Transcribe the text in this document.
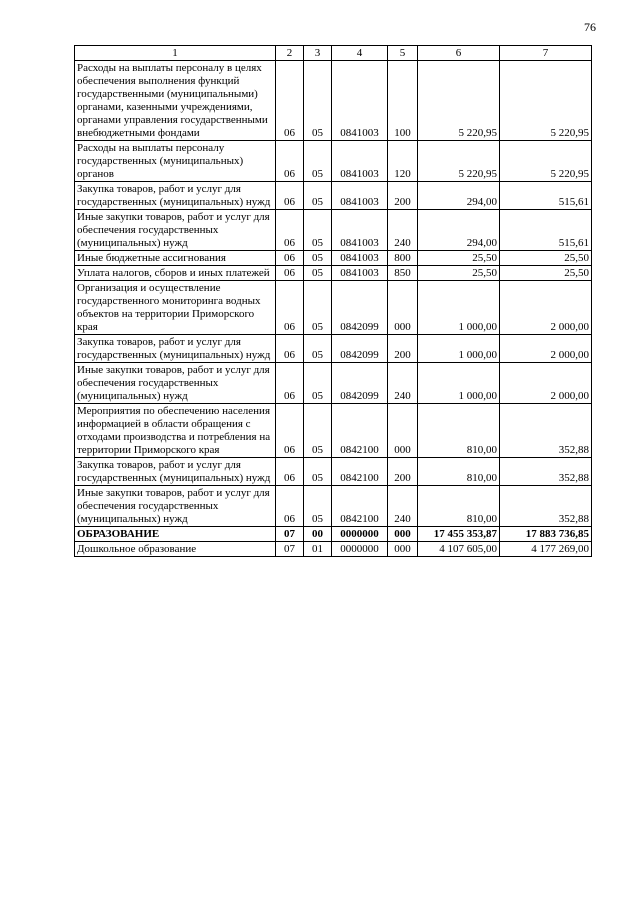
76
1	2	3	4	5	6	7
Расходы на выплаты персоналу в целях обеспечения выполнения функций государственными (муниципальными) органами, казенными учреждениями, органами управления государственными внебюджетными фондами	06	05	0841003	100	5 220,95	5 220,95
Расходы на выплаты персоналу государственных (муниципальных) органов	06	05	0841003	120	5 220,95	5 220,95
Закупка товаров, работ и услуг для государственных (муниципальных) нужд	06	05	0841003	200	294,00	515,61
Иные закупки товаров, работ и услуг для обеспечения государственных (муниципальных) нужд	06	05	0841003	240	294,00	515,61
Иные бюджетные ассигнования	06	05	0841003	800	25,50	25,50
Уплата налогов, сборов и иных платежей	06	05	0841003	850	25,50	25,50
Организация и осуществление государственного мониторинга водных объектов на территории Приморского края	06	05	0842099	000	1 000,00	2 000,00
Закупка товаров, работ и услуг для государственных (муниципальных) нужд	06	05	0842099	200	1 000,00	2 000,00
Иные закупки товаров, работ и услуг для обеспечения государственных (муниципальных) нужд	06	05	0842099	240	1 000,00	2 000,00
Мероприятия по обеспечению населения информацией в области обращения с отходами производства и потребления на территории Приморского края	06	05	0842100	000	810,00	352,88
Закупка товаров, работ и услуг для государственных (муниципальных) нужд	06	05	0842100	200	810,00	352,88
Иные закупки товаров, работ и услуг для обеспечения государственных (муниципальных) нужд	06	05	0842100	240	810,00	352,88
ОБРАЗОВАНИЕ	07	00	0000000	000	17 455 353,87	17 883 736,85
Дошкольное образование	07	01	0000000	000	4 107 605,00	4 177 269,00
